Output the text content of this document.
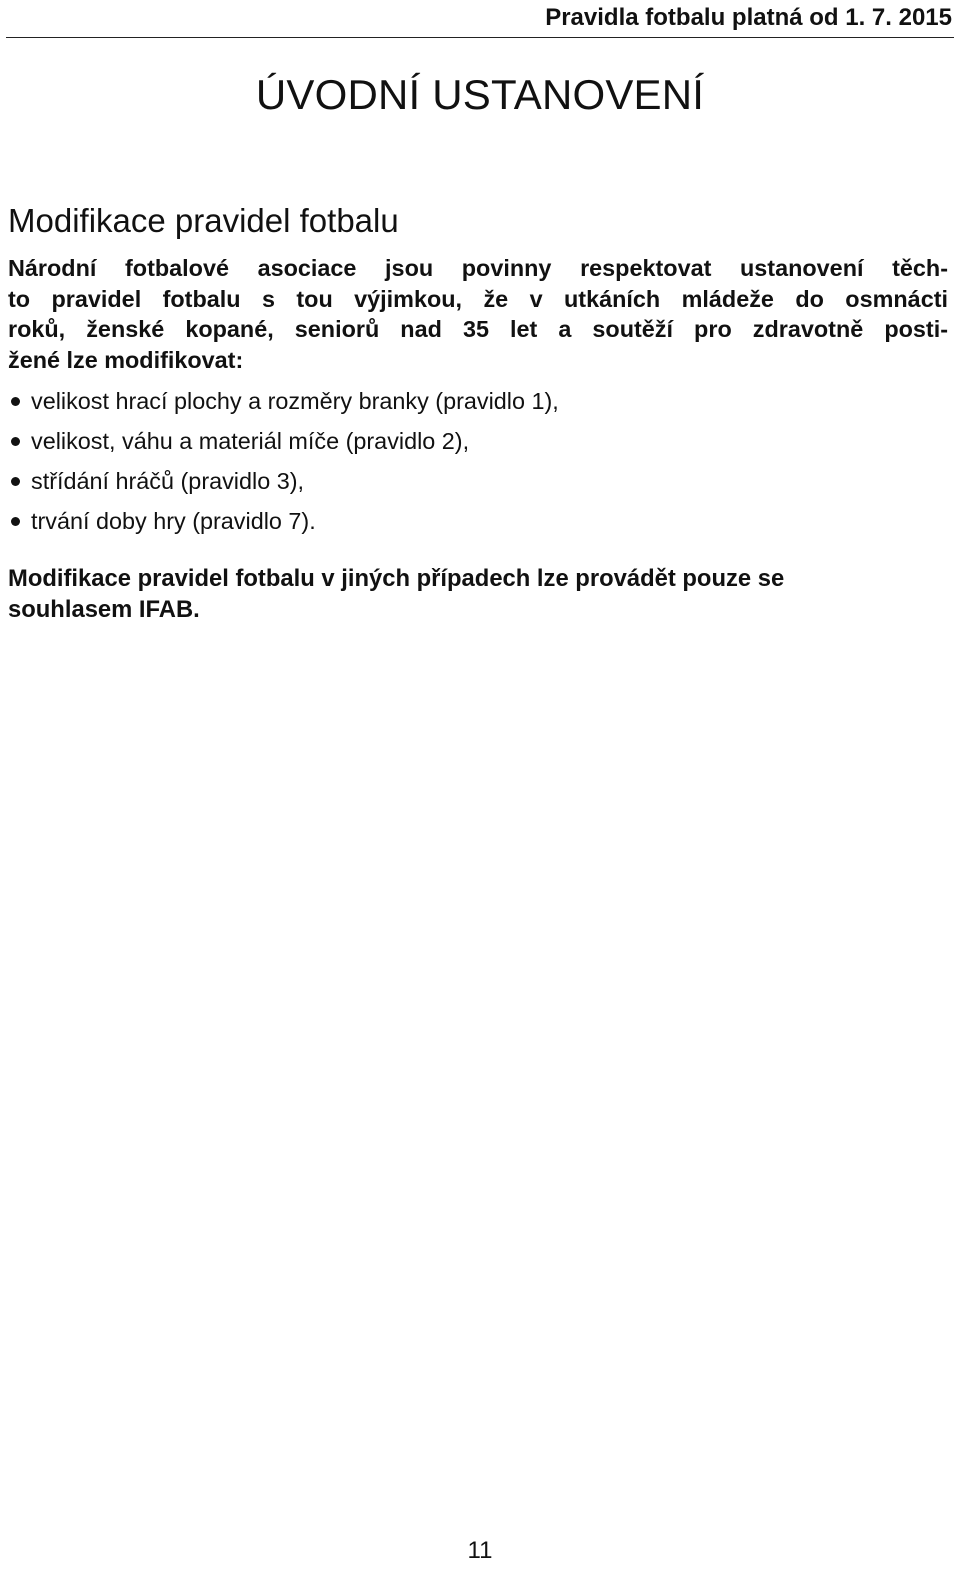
Pravidla fotbalu platná od 1. 7. 2015
ÚVODNÍ USTANOVENÍ
Modifikace pravidel fotbalu

Národní fotbalové asociace jsou povinny respektovat ustanovení těch-
to pravidel fotbalu s tou výjimkou, že v utkáních mládeže do osmnácti
roků, ženské kopané, seniorů nad 35 let a soutěží pro zdravotně posti-
žené lze modifikovat:

velikost hrací plochy a rozměry branky (pravidlo 1),
velikost, váhu a materiál míče (pravidlo 2),
střídání hráčů (pravidlo 3),
trvání doby hry (pravidlo 7).

Modifikace pravidel fotbalu v jiných případech lze provádět pouze se
souhlasem IFAB.

11
